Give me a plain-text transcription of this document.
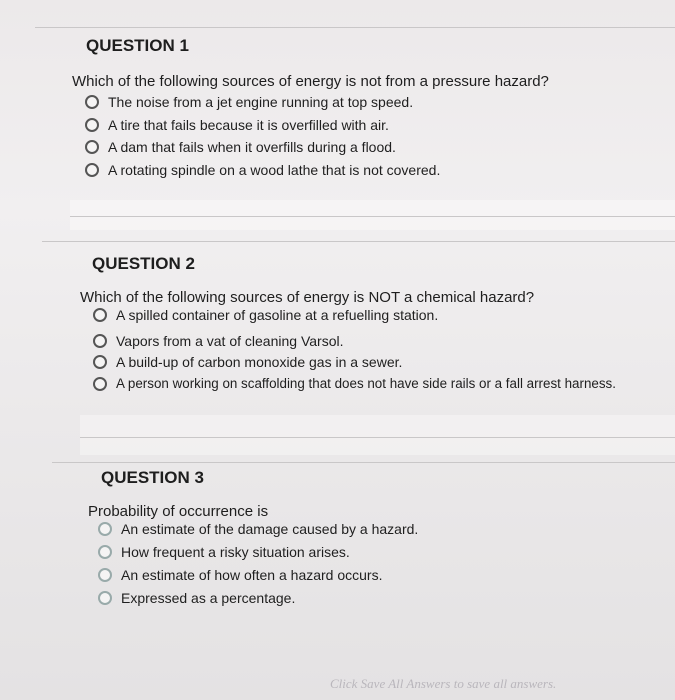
QUESTION 1
Which of the following sources of energy is not from a pressure hazard?
The noise from a jet engine running at top speed.
A tire that fails because it is overfilled with air.
A dam that fails when it overfills during a flood.
A rotating spindle on a wood lathe that is not covered.
QUESTION 2
Which of the following sources of energy is NOT a chemical hazard?
A spilled container of gasoline at a refuelling station.
Vapors from a vat of cleaning Varsol.
A build-up of carbon monoxide gas in a sewer.
A person working on scaffolding that does not have side rails or a fall arrest harness.
QUESTION 3
Probability of occurrence is
An estimate of the damage caused by a hazard.
How frequent a risky situation arises.
An estimate of how often a hazard occurs.
Expressed as a percentage.
Click Save All Answers to save all answers.
